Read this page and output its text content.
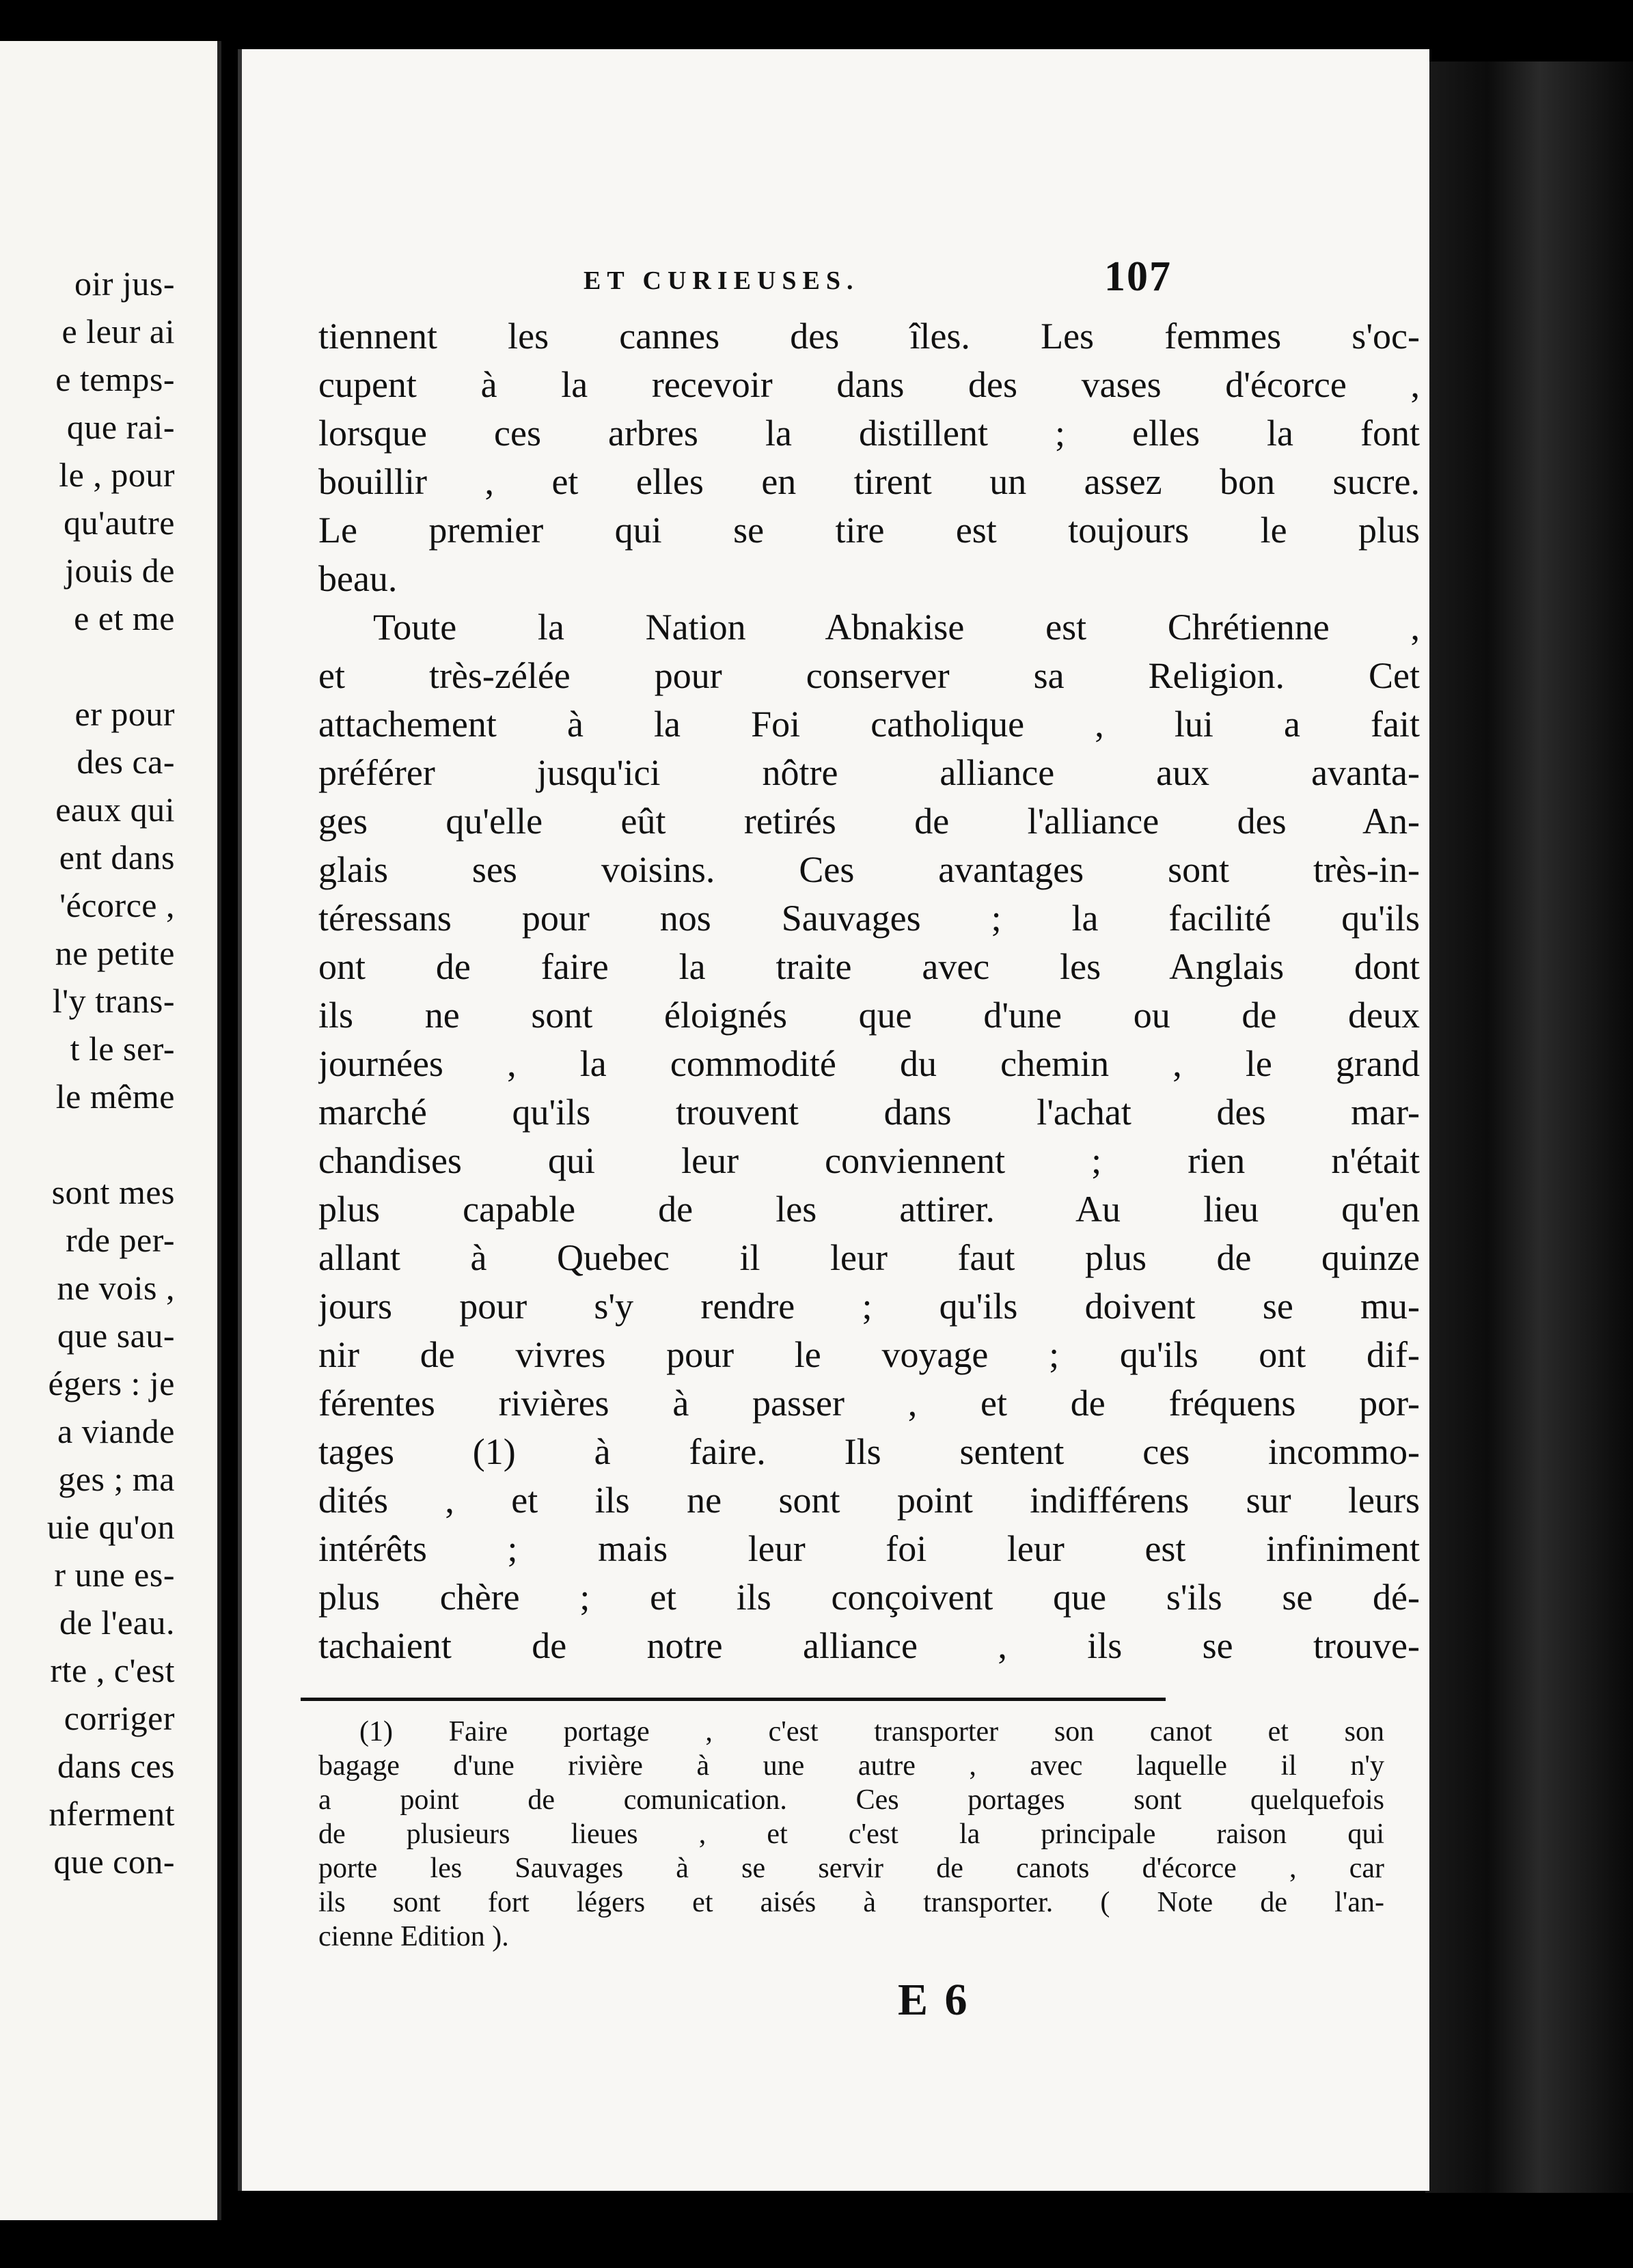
oir jus-
e leur ai
e temps-
que rai-
le , pour
qu'autre
jouis de
e et me
er pour
des ca-
eaux qui
ent dans
'écorce ,
ne petite
l'y trans-
t le ser-
le même
sont mes
rde per-
ne vois ,
que sau-
égers : je
a viande
ges ; ma
uie qu'on
r une es-
de l'eau.
rte , c'est
corriger
dans ces
nferment
que con-
ET CURIEUSES.	107
tiennent les cannes des îles. Les femmes s'oc-
cupent à la recevoir dans des vases d'écorce ,
lorsque ces arbres la distillent ; elles la font
bouillir , et elles en tirent un assez bon sucre.
Le premier qui se tire est toujours le plus
beau.
Toute la Nation Abnakise est Chrétienne ,
et très-zélée pour conserver sa Religion. Cet
attachement à la Foi catholique , lui a fait
préférer jusqu'ici nôtre alliance aux avanta-
ges qu'elle eût retirés de l'alliance des An-
glais ses voisins. Ces avantages sont très-in-
téressans pour nos Sauvages ; la facilité qu'ils
ont de faire la traite avec les Anglais dont
ils ne sont éloignés que d'une ou de deux
journées , la commodité du chemin , le grand
marché qu'ils trouvent dans l'achat des mar-
chandises qui leur conviennent ; rien n'était
plus capable de les attirer. Au lieu qu'en
allant à Quebec il leur faut plus de quinze
jours pour s'y rendre ; qu'ils doivent se mu-
nir de vivres pour le voyage ; qu'ils ont dif-
férentes rivières à passer , et de fréquens por-
tages (1) à faire. Ils sentent ces incommo-
dités , et ils ne sont point indifférens sur leurs
intérêts ; mais leur foi leur est infiniment
plus chère ; et ils conçoivent que s'ils se dé-
tachaient de notre alliance , ils se trouve-
(1) Faire portage , c'est transporter son canot et son
bagage d'une rivière à une autre , avec laquelle il n'y
a point de comunication. Ces portages sont quelquefois
de plusieurs lieues , et c'est la principale raison qui
porte les Sauvages à se servir de canots d'écorce , car
ils sont fort légers et aisés à transporter. ( Note de l'an-
cienne Edition ).
E 6
